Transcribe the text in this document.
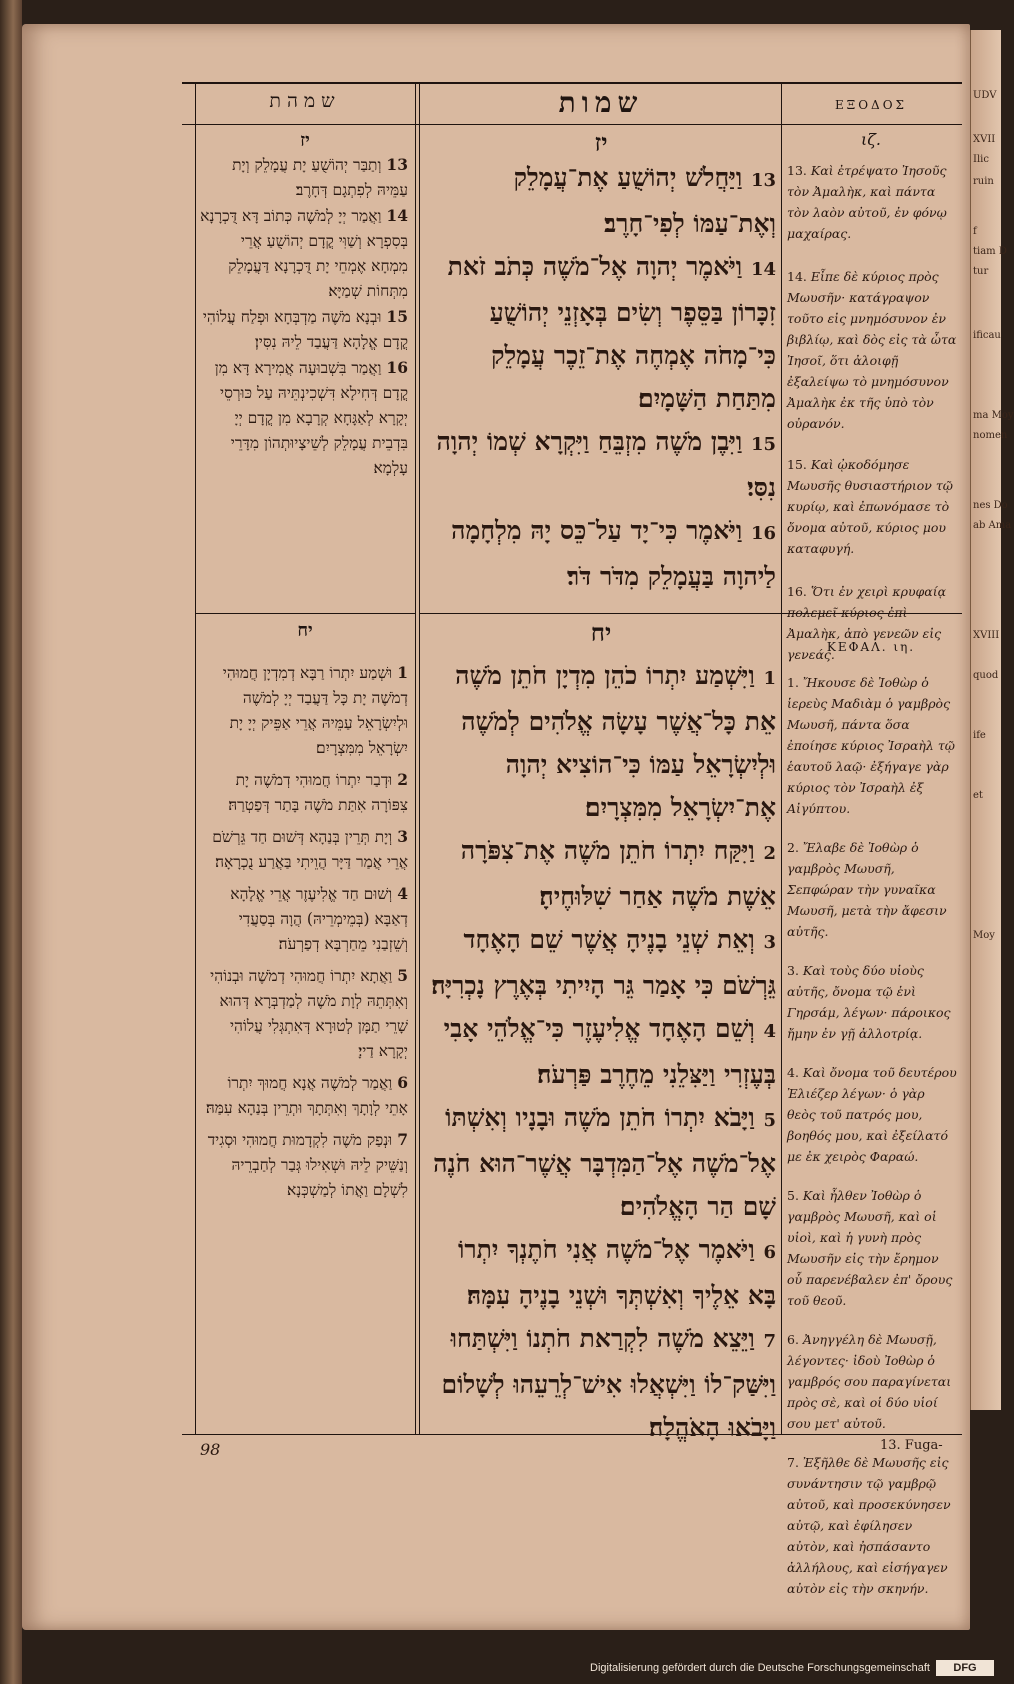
UDV
XVII
Ilic
ruin
f
tiam D
tur
ificau
ma Moy
nomen
nes Do
ab Ama
XVIII
quod
ife
et
Moy
שמהת	שמות	ΕΞΟΔΟΣ
יז
13 וְתַבַּר יְהוֹשֻׁעַ יָת עֲמָלֵק וְיָת עַמֵּיהּ לְפִתְגָם דְּחָרֶב׃
14 וַאֲמַר יְיָ לְמֹשֶׁה כְּתוֹב דָּא דֻּכְרָנָא בְּסִפְרָא וְשַׁוִּי קֳדָם יְהוֹשֻׁעַ אֲרֵי מִמְחָא אֶמְחֵי יָת דֻּכְרָנָא דַּעֲמָלֵק מִתְּחוֹת שְׁמַיָּא׃
15 וּבְנָא מֹשֶׁה מַדְבְּחָא וּפְלַח עֲלוֹהִי קֳדָם אֱלָהָא דַּעֲבַד לֵיהּ נִסִּין׃
16 וַאֲמַר בִּשְׁבוּעָה אֲמִירָא דָּא מִן קֳדָם דְּחִילָא דִּשְׁכִינְתֵּיהּ עַל כּוּרְסֵי יְקָרָא לְאַגָּחָא קְרָבָא מִן קֳדָם יְיָ בִּדְבֵית עֲמָלֵק לְשֵׁיצָיוּתְהוֹן מִדָּרֵי עָלְמָא׃
יח
1 וּשְׁמַע יִתְרוֹ רַבָּא דְמִדְיָן חֲמוּהִי דְמֹשֶׁה יָת כָּל דַּעֲבַד יְיָ לְמֹשֶׁה וּלְיִשְׂרָאֵל עַמֵּיהּ אֲרֵי אַפֵּיק יְיָ יָת יִשְׂרָאֵל מִמִּצְרָיִם׃
2 וּדְבַר יִתְרוֹ חֲמוּהִי דְמֹשֶׁה יָת צִפּוֹרָה אִתַּת מֹשֶׁה בָּתַר דְּפַטְרַהּ׃
3 וְיָת תְּרֵין בְּנַהָא דְּשׁוּם חַד גֵּרְשֹׁם אֲרֵי אֲמַר דַּיָּר הֲוֵיתִי בַּאֲרַע נֻכְרָאָה׃
4 וְשׁוּם חַד אֱלִיעֶזֶר אֲרֵי אֱלָהָא דְאַבָּא (בְּמֵימְרֵיהּ) הֲוָה בְּסַעֲדִי וְשֵׁזְבַנִי מֵחַרְבָּא דְפַרְעֹה׃
5 וַאֲתָא יִתְרוֹ חֲמוּהִי דְמֹשֶׁה וּבְנוֹהִי וְאִתְּתֵהּ לְוָת מֹשֶׁה לְמַדְבְּרָא דְּהוּא שָׁרֵי תַמָּן לְטוּרָא דְּאִתְגְּלִי עֲלוֹהִי יְקָרָא דַייָ׃
6 וַאֲמַר לְמֹשֶׁה אֲנָא חֲמוּךְ יִתְרוֹ אָתֵי לְוָתָךְ וְאִתְּתָךְ וּתְרֵין בְּנַהָא עִמַּהּ׃
7 וּנְפַק מֹשֶׁה לִקְדָמוּת חֲמוּהִי וּסְגִיד וְנַשֵּׁיק לֵיהּ וּשְׁאִילוּ גְּבַר לְחַבְרֵיהּ לִשְׁלָם וַאֲתוֹ לְמַשְׁכְּנָא׃
יז
13 וַיַּחֲלֹשׁ יְהוֹשֻׁעַ אֶת־עֲמָלֵק וְאֶת־עַמּוֹ לְפִי־חָרֶב׃
14 וַיֹּאמֶר יְהוָה אֶל־מֹשֶׁה כְּתֹב זֹאת זִכָּרוֹן בַּסֵּפֶר וְשִׂים בְּאָזְנֵי יְהוֹשֻׁעַ כִּי־מָחֹה אֶמְחֶה אֶת־זֵכֶר עֲמָלֵק מִתַּחַת הַשָּׁמָיִם׃
15 וַיִּבֶן מֹשֶׁה מִזְבֵּחַ וַיִּקְרָא שְׁמוֹ יְהוָה נִסִּי׃
16 וַיֹּאמֶר כִּי־יָד עַל־כֵּס יָהּ מִלְחָמָה לַיהוָה בַּעֲמָלֵק מִדֹּר דֹּר׃
יח
1 וַיִּשְׁמַע יִתְרוֹ כֹהֵן מִדְיָן חֹתֵן מֹשֶׁה אֵת כָּל־אֲשֶׁר עָשָׂה אֱלֹהִים לְמֹשֶׁה וּלְיִשְׂרָאֵל עַמּוֹ כִּי־הוֹצִיא יְהוָה אֶת־יִשְׂרָאֵל מִמִּצְרָיִם׃
2 וַיִּקַּח יִתְרוֹ חֹתֵן מֹשֶׁה אֶת־צִפֹּרָה אֵשֶׁת מֹשֶׁה אַחַר שִׁלּוּחֶיהָ׃
3 וְאֵת שְׁנֵי בָנֶיהָ אֲשֶׁר שֵׁם הָאֶחָד גֵּרְשֹׁם כִּי אָמַר גֵּר הָיִיתִי בְּאֶרֶץ נָכְרִיָּה׃
4 וְשֵׁם הָאֶחָד אֱלִיעֶזֶר כִּי־אֱלֹהֵי אָבִי בְּעֶזְרִי וַיַּצִּלֵנִי מֵחֶרֶב פַּרְעֹה׃
5 וַיָּבֹא יִתְרוֹ חֹתֵן מֹשֶׁה וּבָנָיו וְאִשְׁתּוֹ אֶל־מֹשֶׁה אֶל־הַמִּדְבָּר אֲשֶׁר־הוּא חֹנֶה שָׁם הַר הָאֱלֹהִים׃
6 וַיֹּאמֶר אֶל־מֹשֶׁה אֲנִי חֹתֶנְךָ יִתְרוֹ בָּא אֵלֶיךָ וְאִשְׁתְּךָ וּשְׁנֵי בָנֶיהָ עִמָּהּ׃
7 וַיֵּצֵא מֹשֶׁה לִקְרַאת חֹתְנוֹ וַיִּשְׁתַּחוּ וַיִּשַּׁק־לוֹ וַיִּשְׁאֲלוּ אִישׁ־לְרֵעֵהוּ לְשָׁלוֹם וַיָּבֹאוּ הָאֹהֱלָה׃
ιζ.
13. Καὶ ἐτρέψατο Ἰησοῦς τὸν Ἀμαλὴκ, καὶ πάντα τὸν λαὸν αὐτοῦ, ἐν φόνῳ μαχαίρας.
14. Εἶπε δὲ κύριος πρὸς Μωυσῆν· κατάγραψον τοῦτο εἰς μνημόσυνον ἐν βιβλίῳ, καὶ δὸς εἰς τὰ ὦτα Ἰησοῖ, ὅτι ἀλοιφῇ ἐξαλείψω τὸ μνημόσυνον Ἀμαλὴκ ἐκ τῆς ὑπὸ τὸν οὐρανόν.
15. Καὶ ᾠκοδόμησε Μωυσῆς θυσιαστήριον τῷ κυρίῳ, καὶ ἐπωνόμασε τὸ ὄνομα αὐτοῦ, κύριος μου καταφυγή.
16. Ὅτι ἐν χειρὶ κρυφαίᾳ πολεμεῖ κύριος ἐπὶ Ἀμαλὴκ, ἀπὸ γενεῶν εἰς γενεάς.
ΚΕΦΑΛ. ιη.
1. Ἤκουσε δὲ Ἰοθὼρ ὁ ἱερεὺς Μαδιὰμ ὁ γαμβρὸς Μωυσῆ, πάντα ὅσα ἐποίησε κύριος Ἰσραὴλ τῷ ἑαυτοῦ λαῷ· ἐξήγαγε γὰρ κύριος τὸν Ἰσραὴλ ἐξ Αἰγύπτου.
2. Ἔλαβε δὲ Ἰοθὼρ ὁ γαμβρὸς Μωυσῆ, Σεπφώραν τὴν γυναῖκα Μωυσῆ, μετὰ τὴν ἄφεσιν αὐτῆς.
3. Καὶ τοὺς δύο υἱοὺς αὐτῆς, ὄνομα τῷ ἑνὶ Γηρσάμ, λέγων· πάροικος ἤμην ἐν γῇ ἀλλοτρίᾳ.
4. Καὶ ὄνομα τοῦ δευτέρου Ἐλιέζερ λέγων· ὁ γὰρ θεὸς τοῦ πατρός μου, βοηθός μου, καὶ ἐξείλατό με ἐκ χειρὸς Φαραώ.
5. Καὶ ἦλθεν Ἰοθὼρ ὁ γαμβρὸς Μωυσῆ, καὶ οἱ υἱοὶ, καὶ ἡ γυνὴ πρὸς Μωυσῆν εἰς τὴν ἔρημον οὗ παρενέβαλεν ἐπ' ὄρους τοῦ θεοῦ.
6. Ἀνηγγέλη δὲ Μωυσῇ, λέγοντες· ἰδοὺ Ἰοθὼρ ὁ γαμβρός σου παραγίνεται πρὸς σὲ, καὶ οἱ δύο υἱοί σου μετ' αὐτοῦ.
7. Ἐξῆλθε δὲ Μωυσῆς εἰς συνάντησιν τῷ γαμβρῷ αὐτοῦ, καὶ προσεκύνησεν αὐτῷ, καὶ ἐφίλησεν αὐτὸν, καὶ ἠσπάσαντο ἀλλήλους, καὶ εἰσήγαγεν αὐτὸν εἰς τὴν σκηνήν.
98	13. Fuga-
Digitalisierung gefördert durch die Deutsche Forschungsgemeinschaft	DFG
